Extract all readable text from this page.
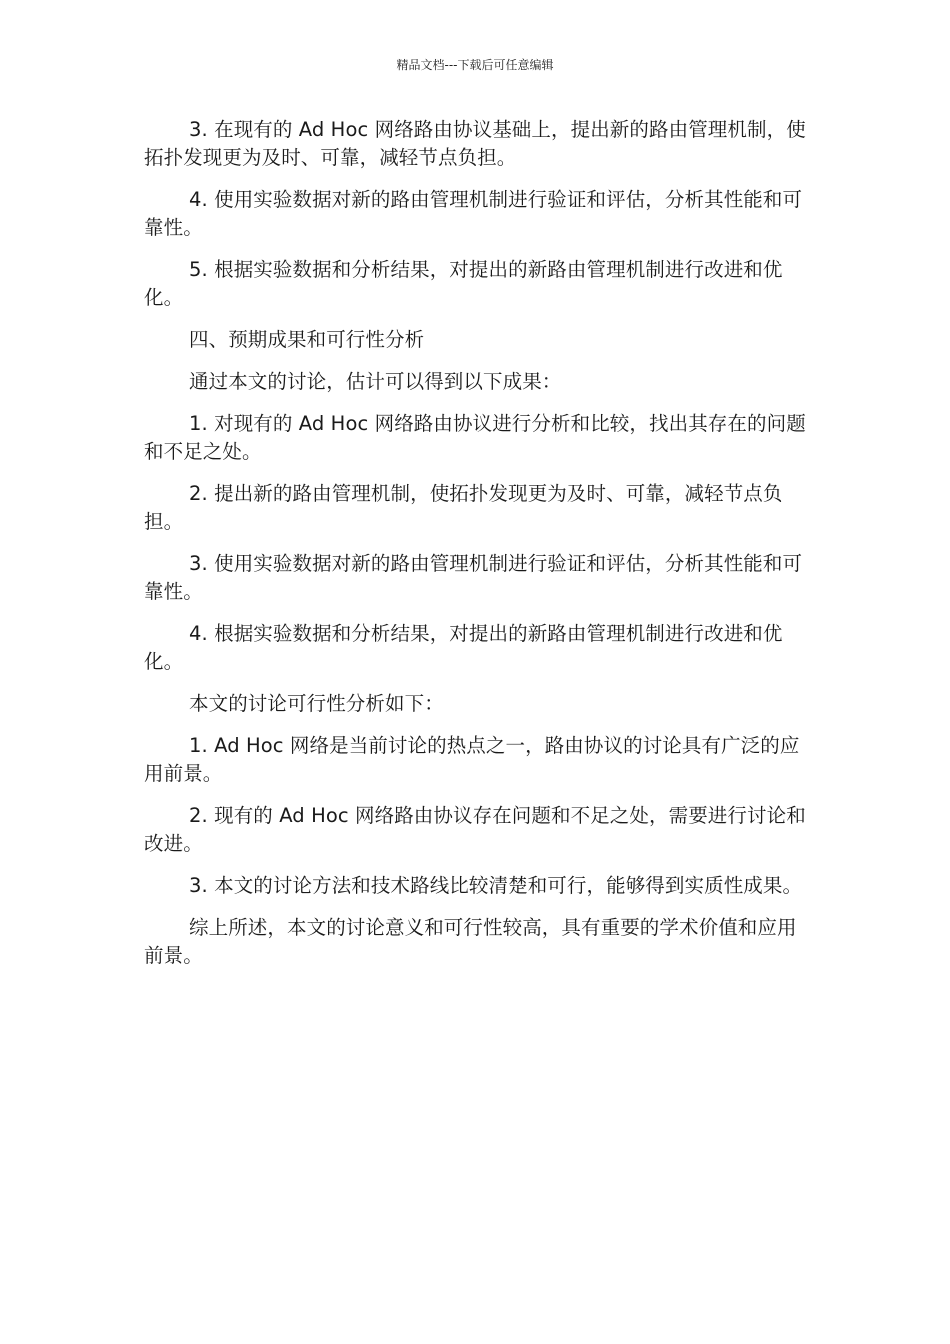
精品文档---下载后可任意编辑

3. 在现有的 Ad Hoc 网络路由协议基础上，提出新的路由管理机制，使拓扑发现更为及时、可靠，减轻节点负担。

4. 使用实验数据对新的路由管理机制进行验证和评估，分析其性能和可靠性。

5. 根据实验数据和分析结果，对提出的新路由管理机制进行改进和优化。

四、预期成果和可行性分析

通过本文的讨论，估计可以得到以下成果：

1. 对现有的 Ad Hoc 网络路由协议进行分析和比较，找出其存在的问题和不足之处。

2. 提出新的路由管理机制，使拓扑发现更为及时、可靠，减轻节点负担。

3. 使用实验数据对新的路由管理机制进行验证和评估，分析其性能和可靠性。

4. 根据实验数据和分析结果，对提出的新路由管理机制进行改进和优化。

本文的讨论可行性分析如下：

1. Ad Hoc 网络是当前讨论的热点之一，路由协议的讨论具有广泛的应用前景。

2. 现有的 Ad Hoc 网络路由协议存在问题和不足之处，需要进行讨论和改进。

3. 本文的讨论方法和技术路线比较清楚和可行，能够得到实质性成果。

综上所述，本文的讨论意义和可行性较高，具有重要的学术价值和应用前景。
